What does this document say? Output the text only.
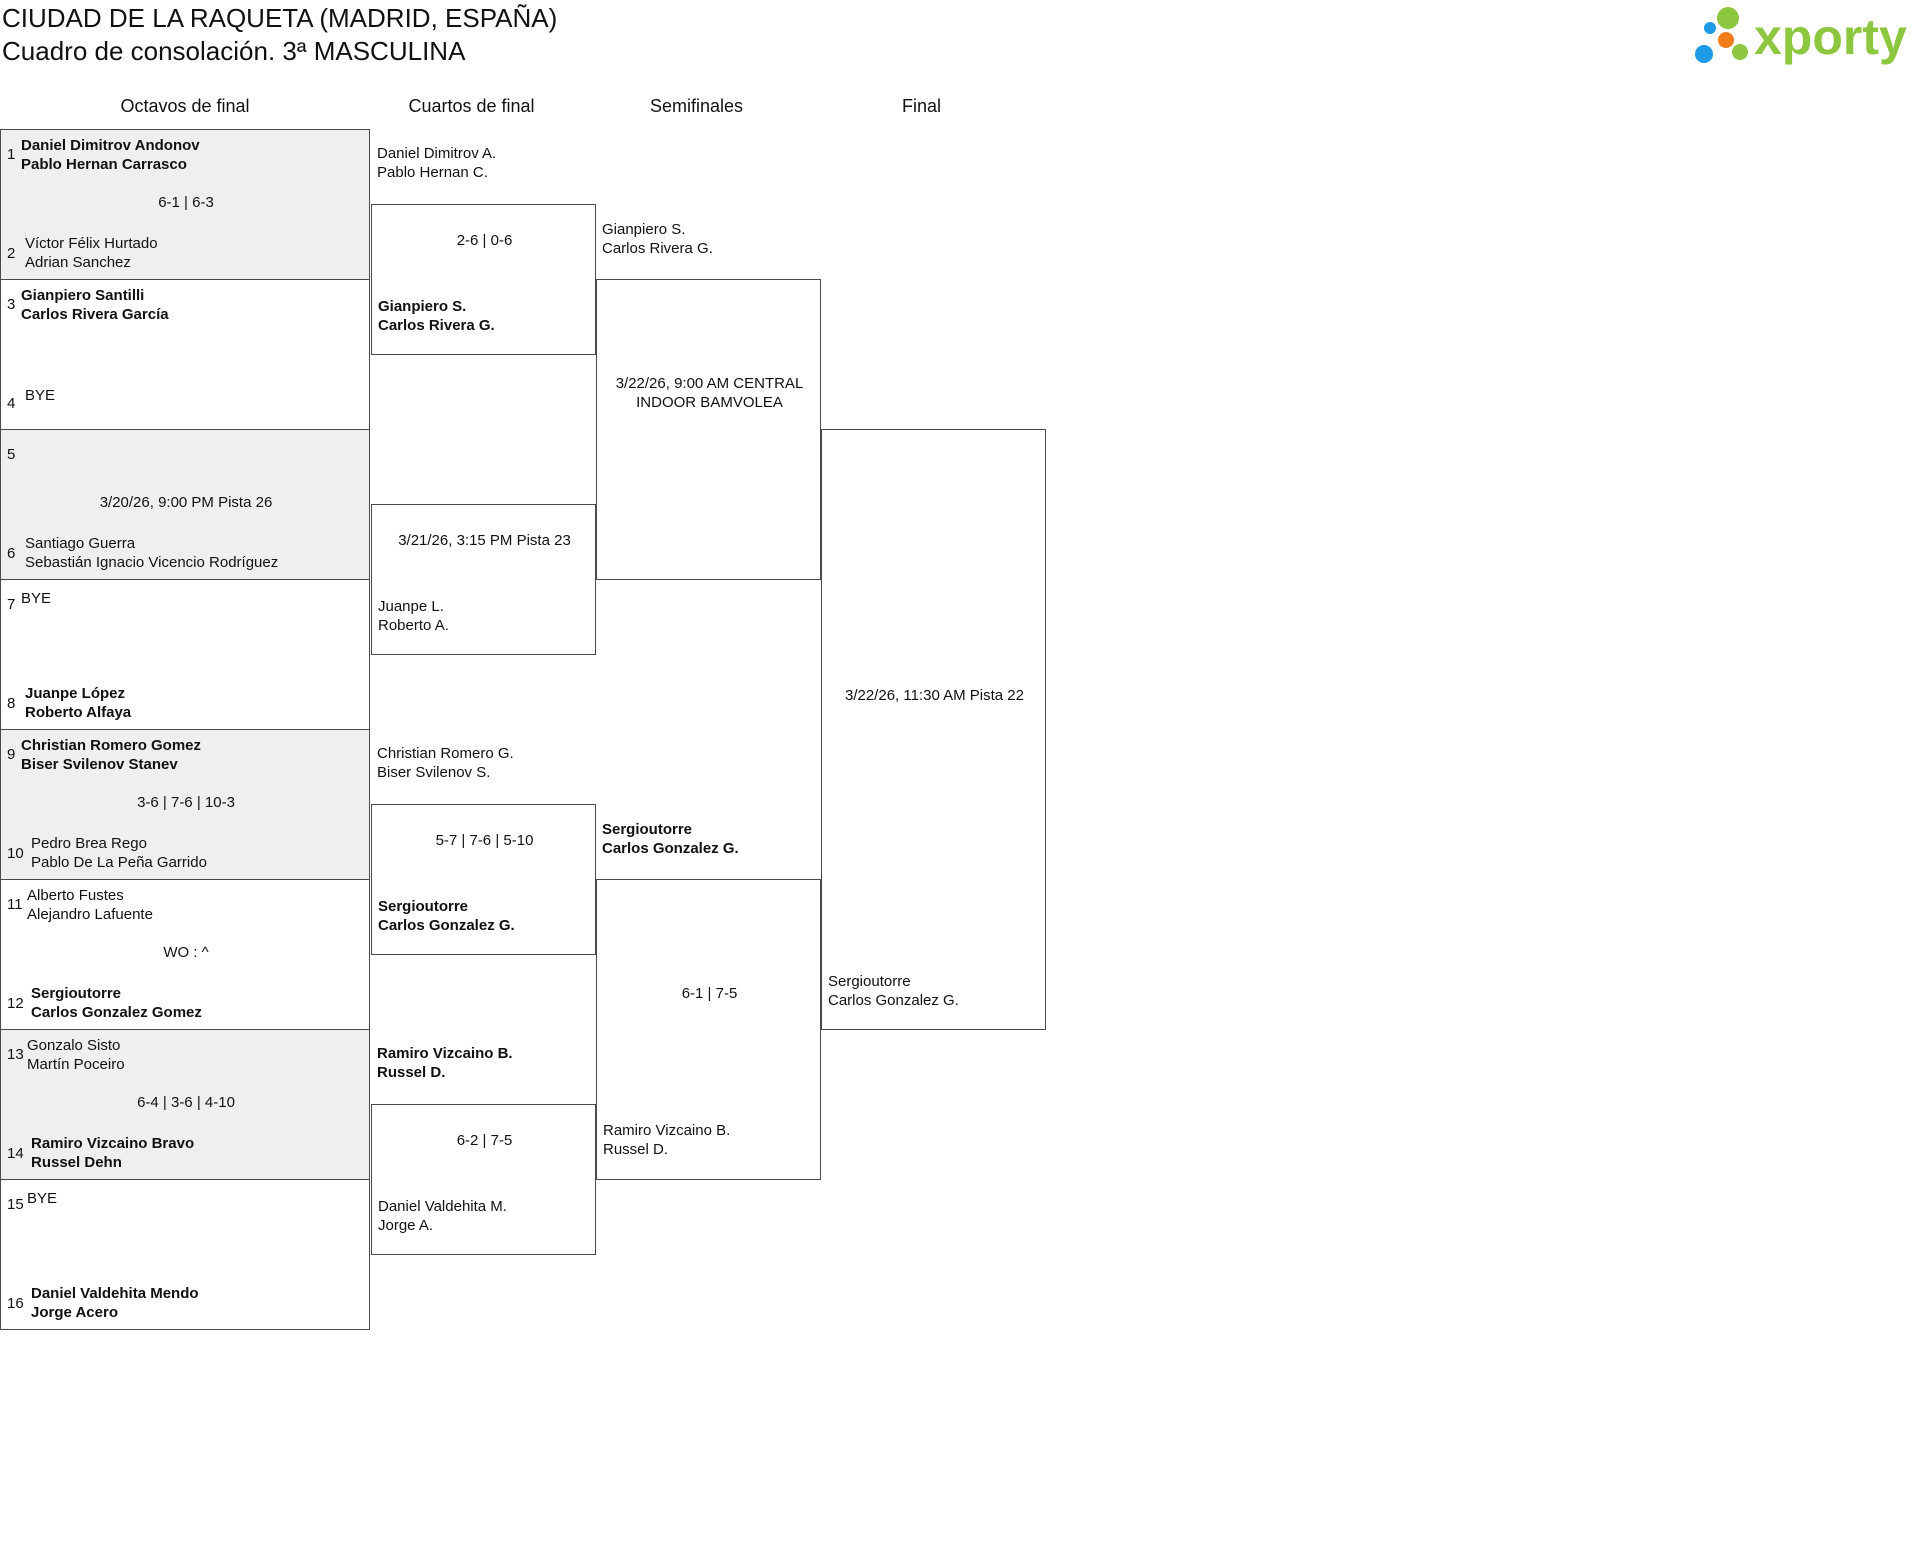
CIUDAD DE LA RAQUETA (MADRID, ESPAÑA)
Cuadro de consolación. 3ª MASCULINA	xporty
Octavos de final	Cuartos de final	Semifinales	Final
1
2
Daniel Dimitrov Andonov
Pablo Hernan Carrasco
Víctor Félix Hurtado
Adrian Sanchez
6-1 | 6-3
3
4
Gianpiero Santilli
Carlos Rivera García
BYE
5
6
Santiago Guerra
Sebastián Ignacio Vicencio Rodríguez
3/20/26, 9:00 PM Pista 26
7
8
BYE
Juanpe López
Roberto Alfaya
9
10
Christian Romero Gomez
Biser Svilenov Stanev
Pedro Brea Rego
Pablo De La Peña Garrido
3-6 | 7-6 | 10-3
11
12
Alberto Fustes
Alejandro Lafuente
Sergioutorre
Carlos Gonzalez Gomez
WO : ^
13
14
Gonzalo Sisto
Martín Poceiro
Ramiro Vizcaino Bravo
Russel Dehn
6-4 | 3-6 | 4-10
15
16
BYE
Daniel Valdehita Mendo
Jorge Acero
Daniel Dimitrov A.
Pablo Hernan C.
2-6 | 0-6
Gianpiero S.
Carlos Rivera G.
3/21/26, 3:15 PM Pista 23
Juanpe L.
Roberto A.
Christian Romero G.
Biser Svilenov S.
5-7 | 7-6 | 5-10
Sergioutorre
Carlos Gonzalez G.
Ramiro Vizcaino B.
Russel D.
6-2 | 7-5
Daniel Valdehita M.
Jorge A.
Gianpiero S.
Carlos Rivera G.
3/22/26, 9:00 AM CENTRAL
INDOOR BAMVOLEA
Sergioutorre
Carlos Gonzalez G.
6-1 | 7-5
Ramiro Vizcaino B.
Russel D.
3/22/26, 11:30 AM Pista 22
Sergioutorre
Carlos Gonzalez G.
